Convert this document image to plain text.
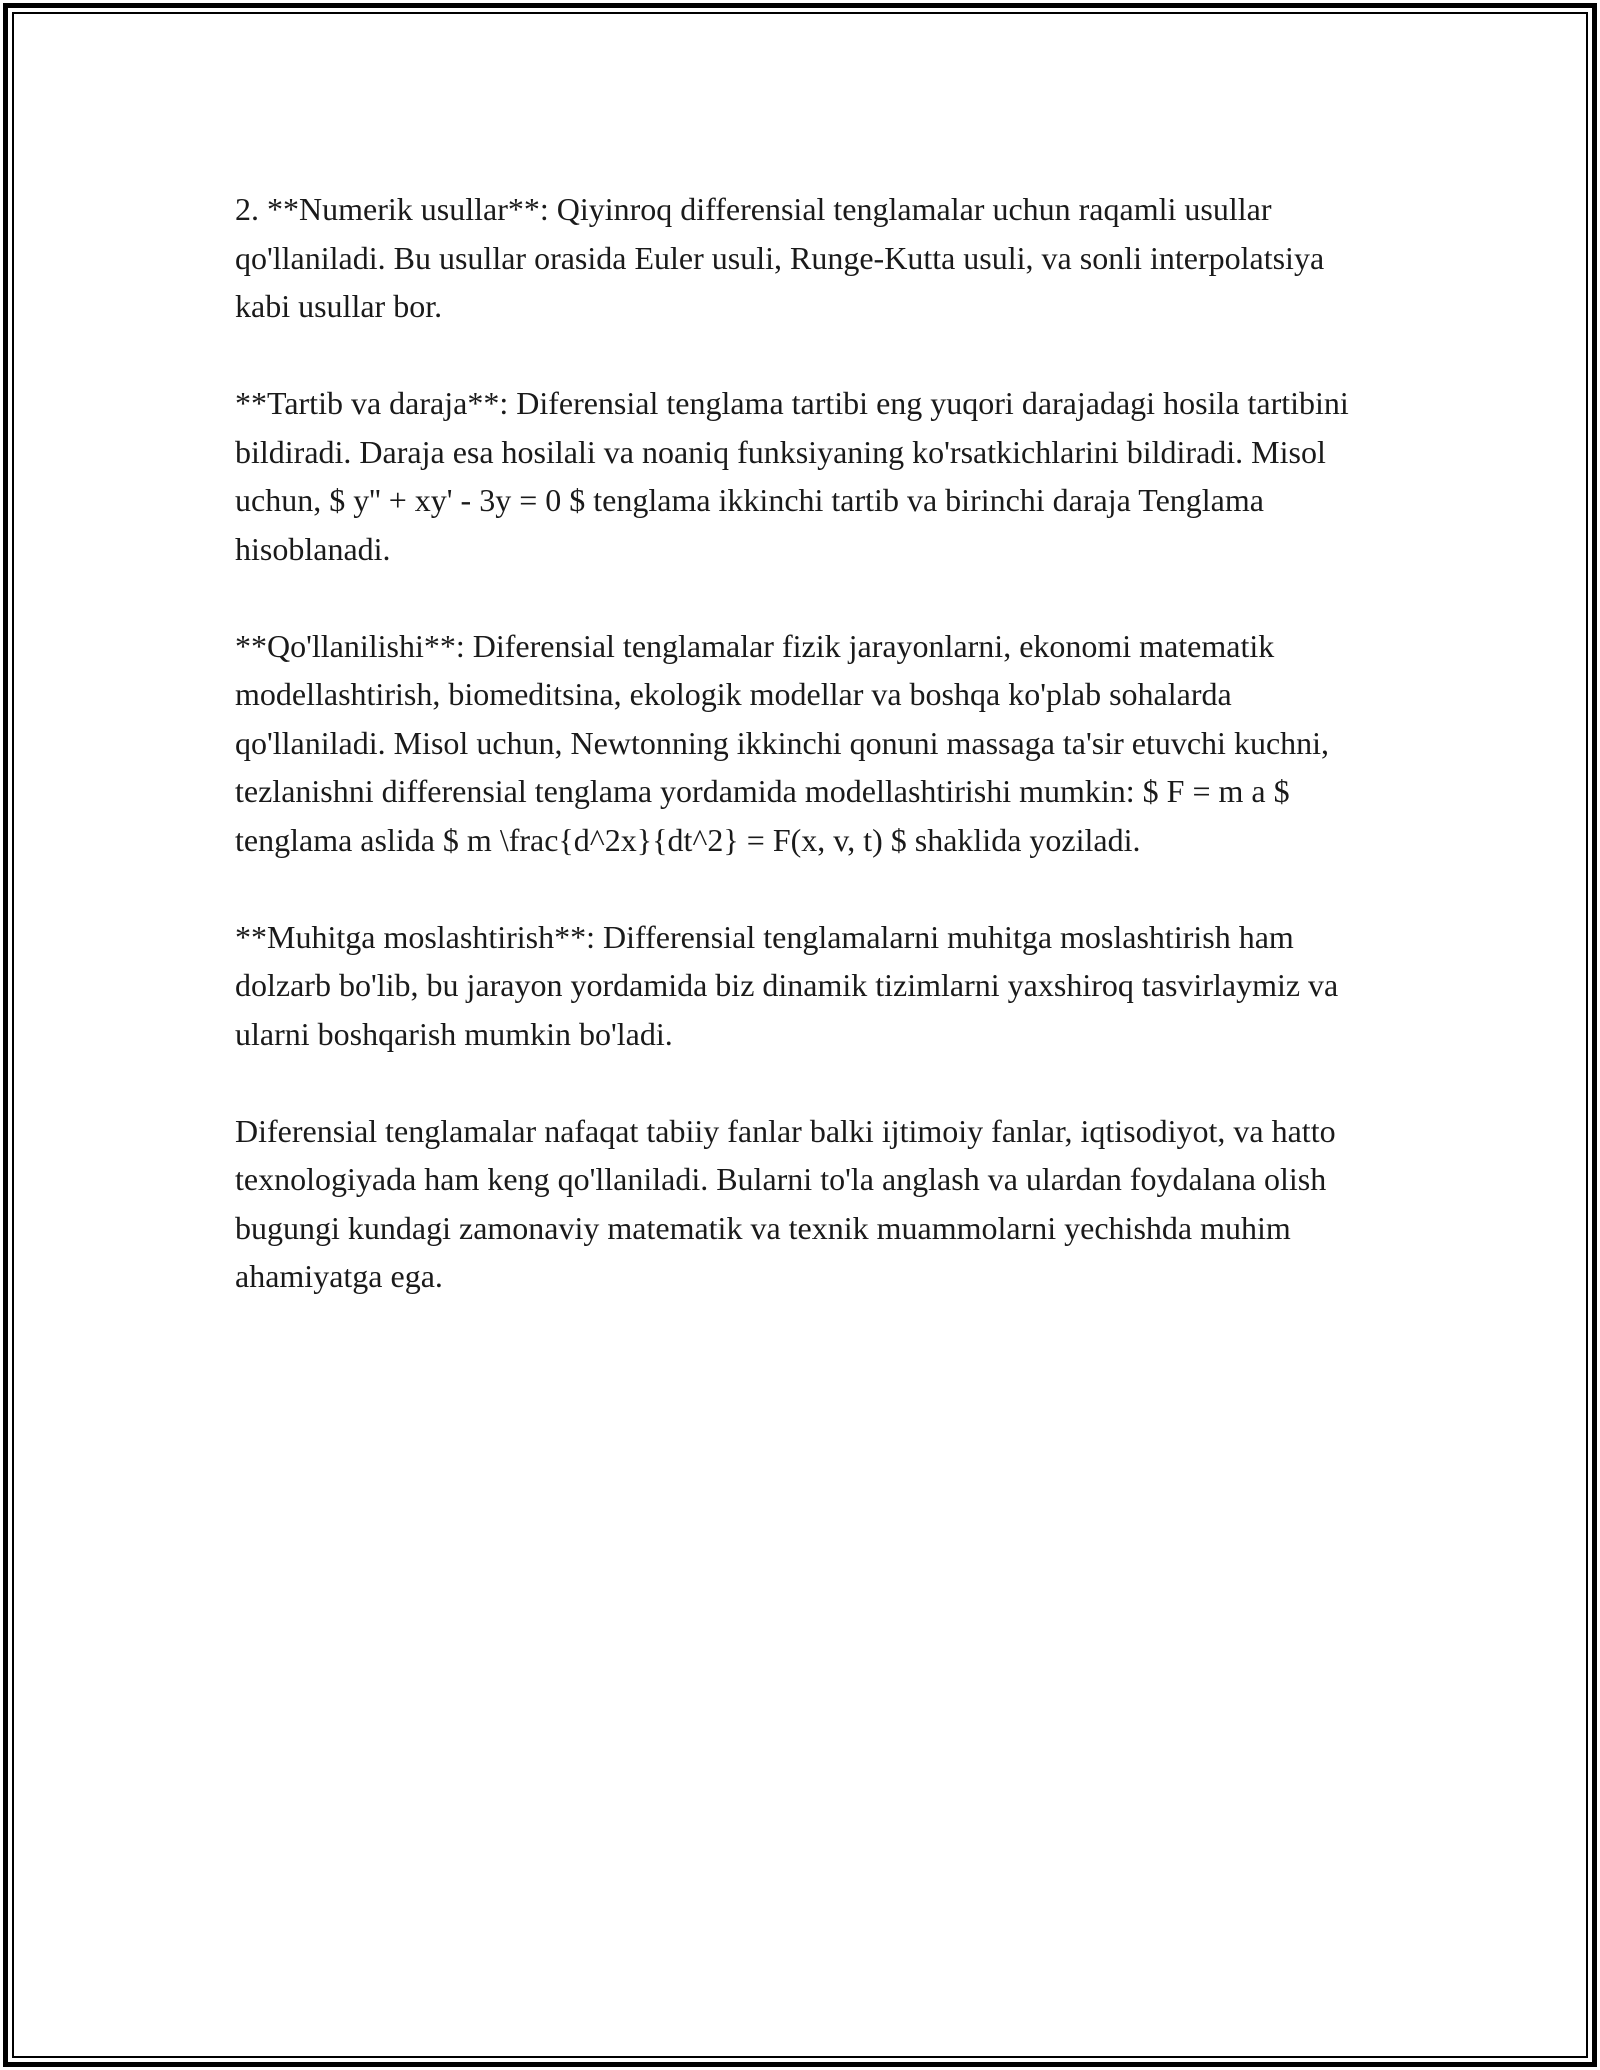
2. **Numerik usullar**: Qiyinroq differensial tenglamalar uchun raqamli usullar qo'llaniladi. Bu usullar orasida Euler usuli, Runge-Kutta usuli, va sonli interpolatsiya kabi usullar bor.

**Tartib va daraja**: Diferensial tenglama tartibi eng yuqori darajadagi hosila tartibini bildiradi. Daraja esa hosilali va noaniq funksiyaning ko'rsatkichlarini bildiradi. Misol uchun, $ y'' + xy' - 3y = 0 $ tenglama ikkinchi tartib va birinchi daraja Tenglama hisoblanadi.

**Qo'llanilishi**: Diferensial tenglamalar fizik jarayonlarni, ekonomi matematik modellashtirish, biomeditsina, ekologik modellar va boshqa ko'plab sohalarda qo'llaniladi. Misol uchun, Newtonning ikkinchi qonuni massaga ta'sir etuvchi kuchni, tezlanishni differensial tenglama yordamida modellashtirishi mumkin: $ F = m a $ tenglama aslida $ m \frac{d^2x}{dt^2} = F(x, v, t) $ shaklida yoziladi.

**Muhitga moslashtirish**: Differensial tenglamalarni muhitga moslashtirish ham dolzarb bo'lib, bu jarayon yordamida biz dinamik tizimlarni yaxshiroq tasvirlaymiz va ularni boshqarish mumkin bo'ladi.

Diferensial tenglamalar nafaqat tabiiy fanlar balki ijtimoiy fanlar, iqtisodiyot, va hatto texnologiyada ham keng qo'llaniladi. Bularni to'la anglash va ulardan foydalana olish bugungi kundagi zamonaviy matematik va texnik muammolarni yechishda muhim ahamiyatga ega.
